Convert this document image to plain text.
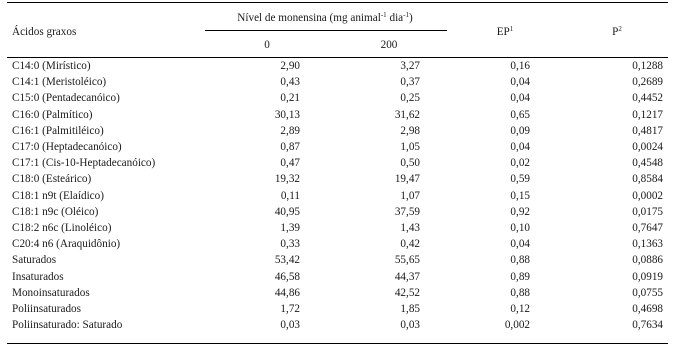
Ácidos graxos
Nível de monensina (mg animal$^{-1}$ dia$^{-1}$)
0	200
$EP^1$	$P^2$
C14:0 (Mirístico)	2,90	3,27	0,16	0,1288
C14:1 (Meristoléico)	0,43	0,37	0,04	0,2689
C15:0 (Pentadecanóico)	0,21	0,25	0,04	0,4452
C16:0 (Palmítico)	30,13	31,62	0,65	0,1217
C16:1 (Palmitiléico)	2,89	2,98	0,09	0,4817
C17:0 (Heptadecanóico)	0,87	1,05	0,04	0,0024
C17:1 (Cis-10-Heptadecanóico)	0,47	0,50	0,02	0,4548
C18:0 (Esteárico)	19,32	19,47	0,59	0,8584
C18:1 n9t (Elaídico)	0,11	1,07	0,15	0,0002
C18:1 n9c (Oléico)	40,95	37,59	0,92	0,0175
C18:2 n6c (Linoléico)	1,39	1,43	0,10	0,7647
C20:4 n6 (Araquidônio)	0,33	0,42	0,04	0,1363
Saturados	53,42	55,65	0,88	0,0886
Insaturados	46,58	44,37	0,89	0,0919
Monoinsaturados	44,86	42,52	0,88	0,0755
Poliinsaturados	1,72	1,85	0,12	0,4698
Poliinsaturado: Saturado	0,03	0,03	0,002	0,7634
